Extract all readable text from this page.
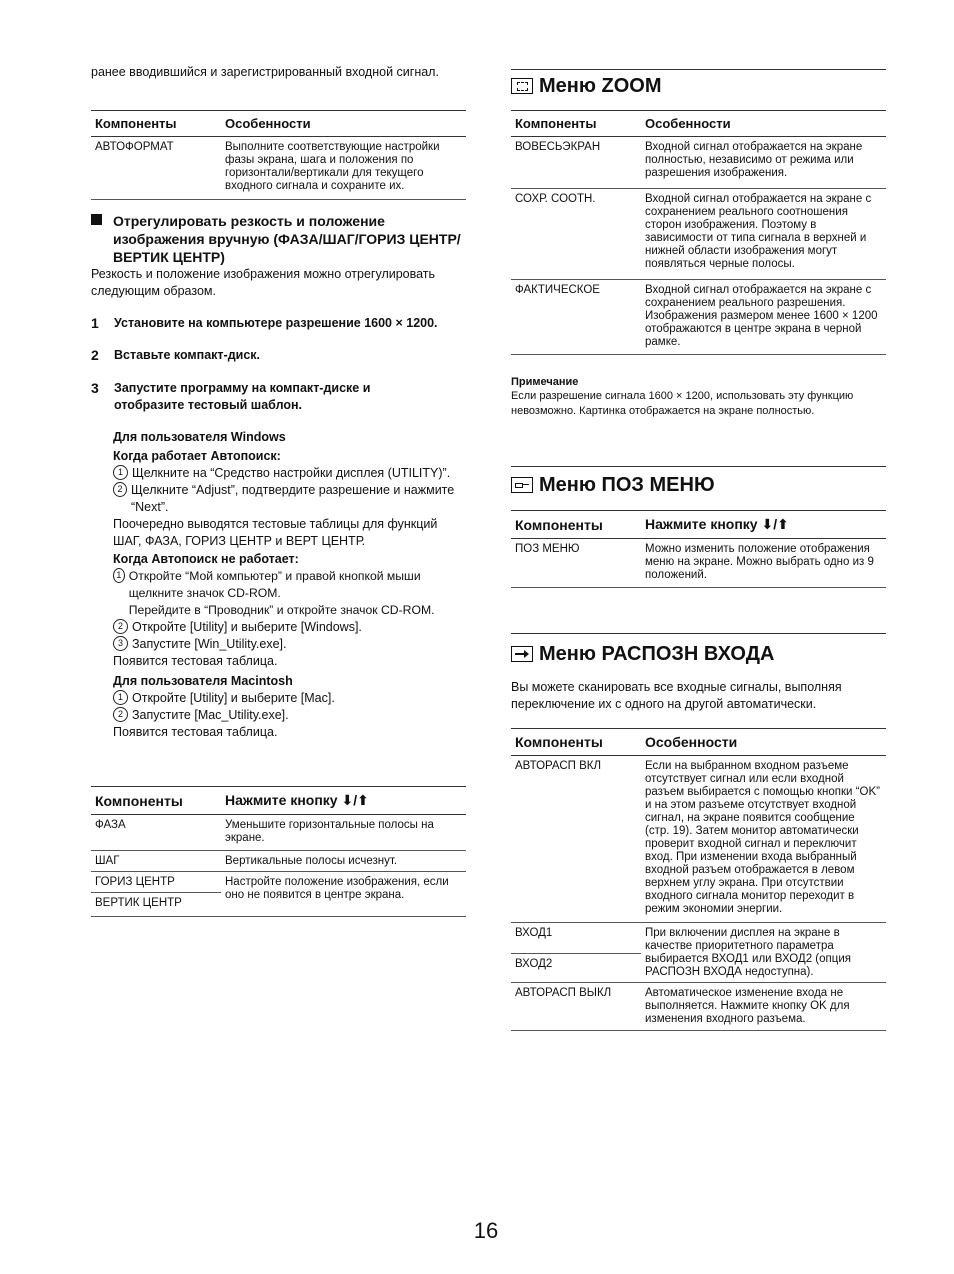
ранее вводившийся и зарегистрированный входной сигнал.

Компоненты	Особенности
АВТОФОРМАТ	Выполните соответствующие настройки фазы экрана, шага и положения по горизонтали/вертикали для текущего входного сигнала и сохраните их.
Отрегулировать резкость и положение изображения вручную (ФАЗА/ШАГ/ГОРИЗ ЦЕНТР/ВЕРТИК ЦЕНТР)

Резкость и положение изображения можно отрегулировать следующим образом.

1 Установите на компьютере разрешение 1600 × 1200.
2 Вставьте компакт-диск.
3 Запустите программу на компакт-диске и отобразите тестовый шаблон.
Для пользователя Windows
Когда работает Автопоиск:
1 Щелкните на “Средство настройки дисплея (UTILITY)”.
2 Щелкните “Adjust”, подтвердите разрешение и нажмите “Next”.
Поочередно выводятся тестовые таблицы для функций ШАГ, ФАЗА, ГОРИЗ ЦЕНТР и ВЕРТ ЦЕНТР.
Когда Автопоиск не работает:
1 Откройте “Мой компьютер” и правой кнопкой мыши щелкните значок CD-ROM.
Перейдите в “Проводник” и откройте значок CD-ROM.
2 Откройте [Utility] и выберите [Windows].
3 Запустите [Win_Utility.exe].
Появится тестовая таблица.
Для пользователя Macintosh
1 Откройте [Utility] и выберите [Mac].
2 Запустите [Mac_Utility.exe].
Появится тестовая таблица.
Компоненты	Нажмите кнопку ⬇/⬆
ФАЗА	Уменьшите горизонтальные полосы на экране.
ШАГ	Вертикальные полосы исчезнут.
ГОРИЗ ЦЕНТР	Настройте положение изображения, если оно не появится в центре экрана.
ВЕРТИК ЦЕНТР	
Меню ZOOM
Компоненты	Особенности
ВОВЕСЬЭКРАН	Входной сигнал отображается на экране полностью, независимо от режима или разрешения изображения.
СОХР. СООТН.	Входной сигнал отображается на экране с сохранением реального соотношения сторон изображения. Поэтому в зависимости от типа сигнала в верхней и нижней области изображения могут появляться черные полосы.
ФАКТИЧЕСКОЕ	Входной сигнал отображается на экране с сохранением реального разрешения. Изображения размером менее 1600 × 1200 отображаются в центре экрана в черной рамке.
Примечание
Если разрешение сигнала 1600 × 1200, использовать эту функцию невозможно. Картинка отображается на экране полностью.
Меню ПОЗ МЕНЮ
Компоненты	Нажмите кнопку ⬇/⬆
ПОЗ МЕНЮ	Можно изменить положение отображения меню на экране. Можно выбрать одно из 9 положений.
Меню РАСПОЗН ВХОДА

Вы можете сканировать все входные сигналы, выполняя переключение их с одного на другой автоматически.

Компоненты	Особенности
АВТОРАСП ВКЛ	Если на выбранном входном разъеме отсутствует сигнал или если входной разъем выбирается с помощью кнопки “OK” и на этом разъеме отсутствует входной сигнал, на экране появится сообщение (стр. 19). Затем монитор автоматически проверит входной сигнал и переключит вход. При изменении входа выбранный входной разъем отображается в левом верхнем углу экрана. При отсутствии входного сигнала монитор переходит в режим экономии энергии.
ВХОД1	При включении дисплея на экране в качестве приоритетного параметра выбирается ВХОД1 или ВХОД2 (опция РАСПОЗН ВХОДА недоступна).
ВХОД2	
АВТОРАСП ВЫКЛ	Автоматическое изменение входа не выполняется. Нажмите кнопку OK для изменения входного разъема.
16
